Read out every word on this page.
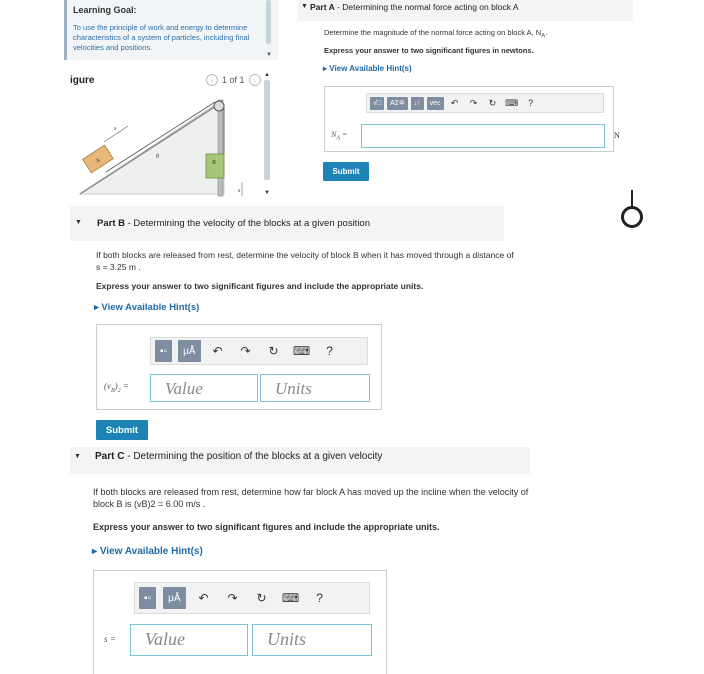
Learning Goal:
To use the principle of work and energy to determine characteristics of a system of particles, including final velocities and positions.
▼
igure	‹ 1 of 1	›
▲
▼
A	B
s
θ
s
▼ Part A - Determining the normal force acting on block A
Determine the magnitude of the normal force acting on block A, $N_A$.
Express your answer to two significant figures in newtons.
▸ View Available Hint(s)
√□	ΑΣΦ	↓↑	vec	↶	↷	↻ ⌨	?
$N_A$ =	N
Submit
▼ Part B - Determining the velocity of the blocks at a given position
If both blocks are released from rest, determine the velocity of block B when it has moved through a distance of s = 3.25 m .
Express your answer to two significant figures and include the appropriate units.
▸ View Available Hint(s)
▪▫	μÅ	↶	↷	↻	⌨	?
$(v_B)_2$ =	Value	Units
Submit
▼ Part C - Determining the position of the blocks at a given velocity
If both blocks are released from rest, determine how far block A has moved up the incline when the velocity of block B is (vB)2 = 6.00 m/s .
Express your answer to two significant figures and include the appropriate units.
▸ View Available Hint(s)
▪▫	μÅ	↶	↷	↻	⌨	?
s =	Value	Units
